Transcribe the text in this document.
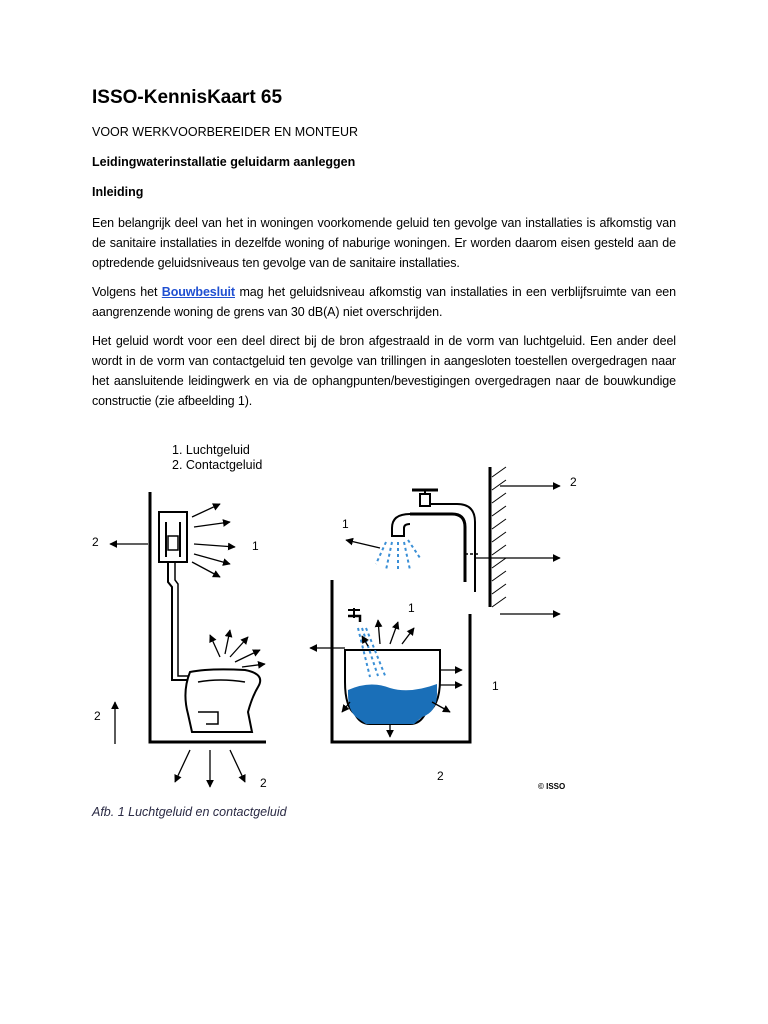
ISSO-KennisKaart 65
VOOR WERKVOORBEREIDER EN MONTEUR
Leidingwaterinstallatie geluidarm aanleggen
Inleiding

Een belangrijk deel van het in woningen voorkomende geluid ten gevolge van installaties is afkomstig van de sanitaire installaties in dezelfde woning of naburige woningen. Er worden daarom eisen gesteld aan de optredende geluidsniveaus ten gevolge van de sanitaire installaties.

Volgens het Bouwbesluit mag het geluidsniveau afkomstig van installaties in een verblijfsruimte van een aangrenzende woning de grens van 30 dB(A) niet overschrijden.

Het geluid wordt voor een deel direct bij de bron afgestraald in de vorm van luchtgeluid. Een ander deel wordt in de vorm van contactgeluid ten gevolge van trillingen in aangesloten toestellen overgedragen naar het aansluitende leidingwerk en via de ophangpunten/bevestigingen overgedragen naar de bouwkundige constructie (zie afbeelding 1).

1. Luchtgeluid
2. Contactgeluid
2	1
2
2
1
2
1
1
2
© ISSO
Afb. 1 Luchtgeluid en contactgeluid
